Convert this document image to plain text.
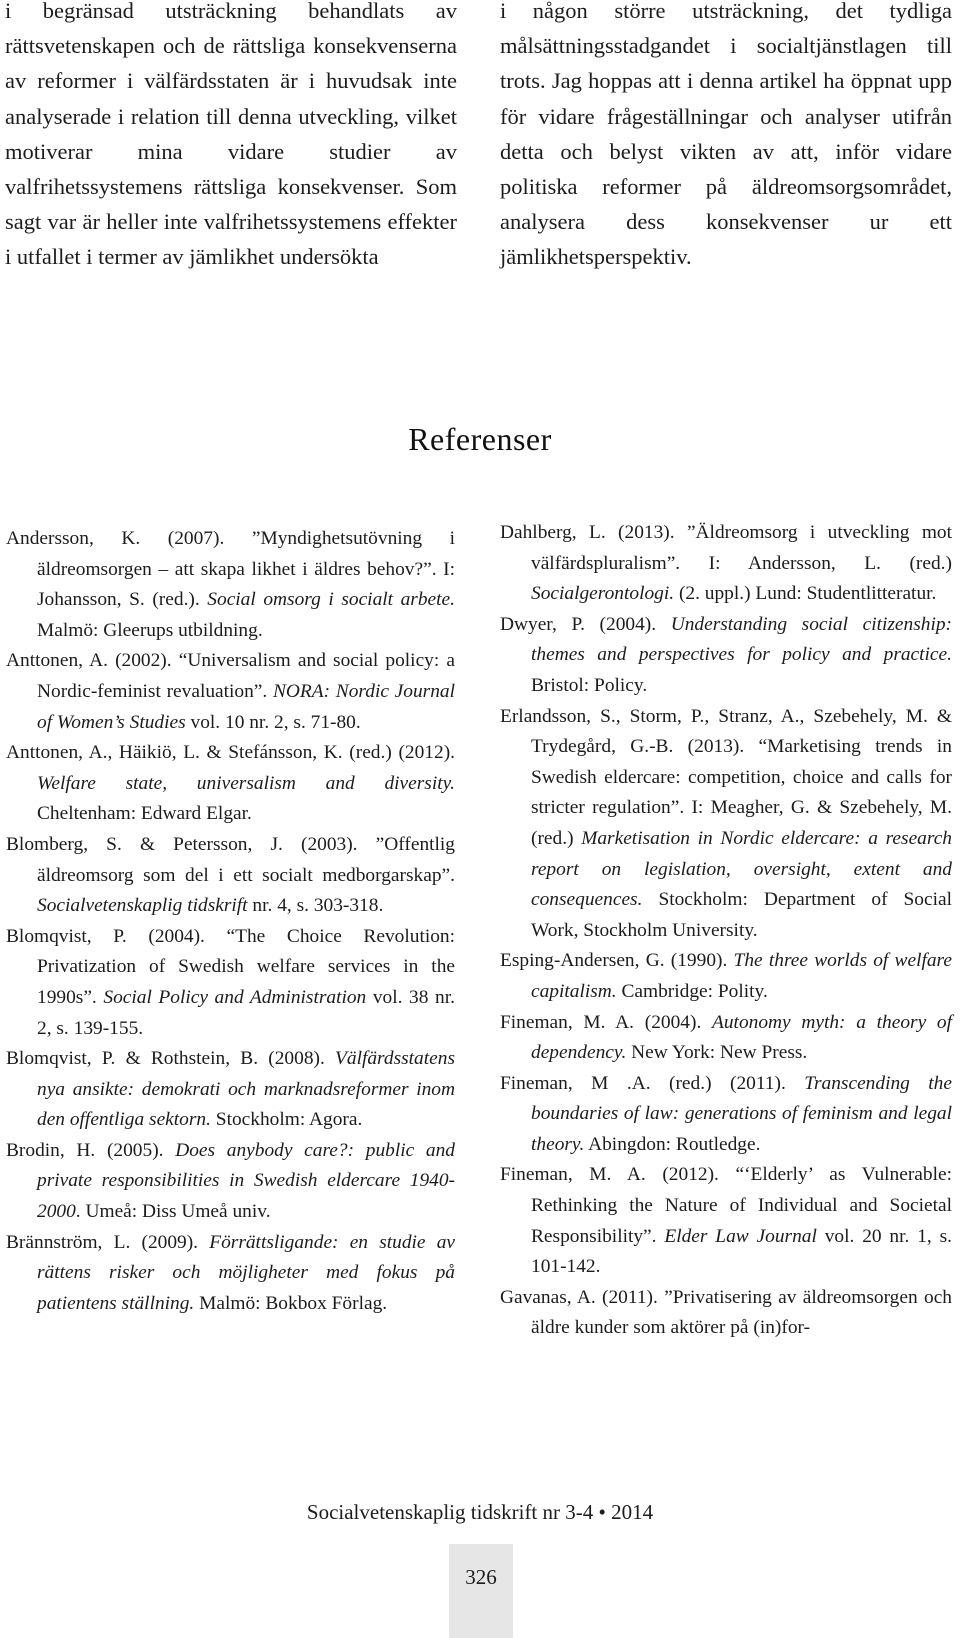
i begränsad utsträckning behandlats av rättsvetenskapen och de rättsliga konsekvenserna av reformer i välfärdsstaten är i huvudsak inte analyserade i relation till denna utveckling, vilket motiverar mina vidare studier av valfrihetssystemens rättsliga konsekvenser. Som sagt var är heller inte valfrihetssystemens effekter i utfallet i termer av jämlikhet undersökta

i någon större utsträckning, det tydliga målsättningsstadgandet i socialtjänstlagen till trots. Jag hoppas att i denna artikel ha öppnat upp för vidare frågeställningar och analyser utifrån detta och belyst vikten av att, inför vidare politiska reformer på äldreomsorgsområdet, analysera dess konsekvenser ur ett jämlikhetsperspektiv.

Referenser

Andersson, K. (2007). ”Myndighetsutövning i äldreomsorgen – att skapa likhet i äldres behov?”. I: Johansson, S. (red.). Social omsorg i socialt arbete. Malmö: Gleerups utbildning.

Anttonen, A. (2002). “Universalism and social policy: a Nordic-feminist revaluation”. NORA: Nordic Journal of Women’s Studies vol. 10 nr. 2, s. 71-80.

Anttonen, A., Häikiö, L. & Stefánsson, K. (red.) (2012). Welfare state, universalism and diversity. Cheltenham: Edward Elgar.

Blomberg, S. & Petersson, J. (2003). ”Offentlig äldreomsorg som del i ett socialt medborgarskap”. Socialvetenskaplig tidskrift nr. 4, s. 303-318.

Blomqvist, P. (2004). “The Choice Revolution: Privatization of Swedish welfare services in the 1990s”. Social Policy and Administration vol. 38 nr. 2, s. 139-155.

Blomqvist, P. & Rothstein, B. (2008). Välfärdsstatens nya ansikte: demokrati och marknadsreformer inom den offentliga sektorn. Stockholm: Agora.

Brodin, H. (2005). Does anybody care?: public and private responsibilities in Swedish eldercare 1940-2000. Umeå: Diss Umeå univ.

Brännström, L. (2009). Förrättsligande: en studie av rättens risker och möjligheter med fokus på patientens ställning. Malmö: Bokbox Förlag.

Dahlberg, L. (2013). ”Äldreomsorg i utveckling mot välfärdspluralism”. I: Andersson, L. (red.) Socialgerontologi. (2. uppl.) Lund: Studentlitteratur.

Dwyer, P. (2004). Understanding social citizenship: themes and perspectives for policy and practice. Bristol: Policy.

Erlandsson, S., Storm, P., Stranz, A., Szebehely, M. & Trydegård, G.-B. (2013). “Marketising trends in Swedish eldercare: competition, choice and calls for stricter regulation”. I: Meagher, G. & Szebehely, M. (red.) Marketisation in Nordic eldercare: a research report on legislation, oversight, extent and consequences. Stockholm: Department of Social Work, Stockholm University.

Esping-Andersen, G. (1990). The three worlds of welfare capitalism. Cambridge: Polity.

Fineman, M. A. (2004). Autonomy myth: a theory of dependency. New York: New Press.

Fineman, M .A. (red.) (2011). Transcending the boundaries of law: generations of feminism and legal theory. Abingdon: Routledge.

Fineman, M. A. (2012). “‘Elderly’ as Vulnerable: Rethinking the Nature of Individual and Societal Responsibility”. Elder Law Journal vol. 20 nr. 1, s. 101-142.

Gavanas, A. (2011). ”Privatisering av äldreomsorgen och äldre kunder som aktörer på (in)for-

Socialvetenskaplig tidskrift nr 3-4 • 2014
326
